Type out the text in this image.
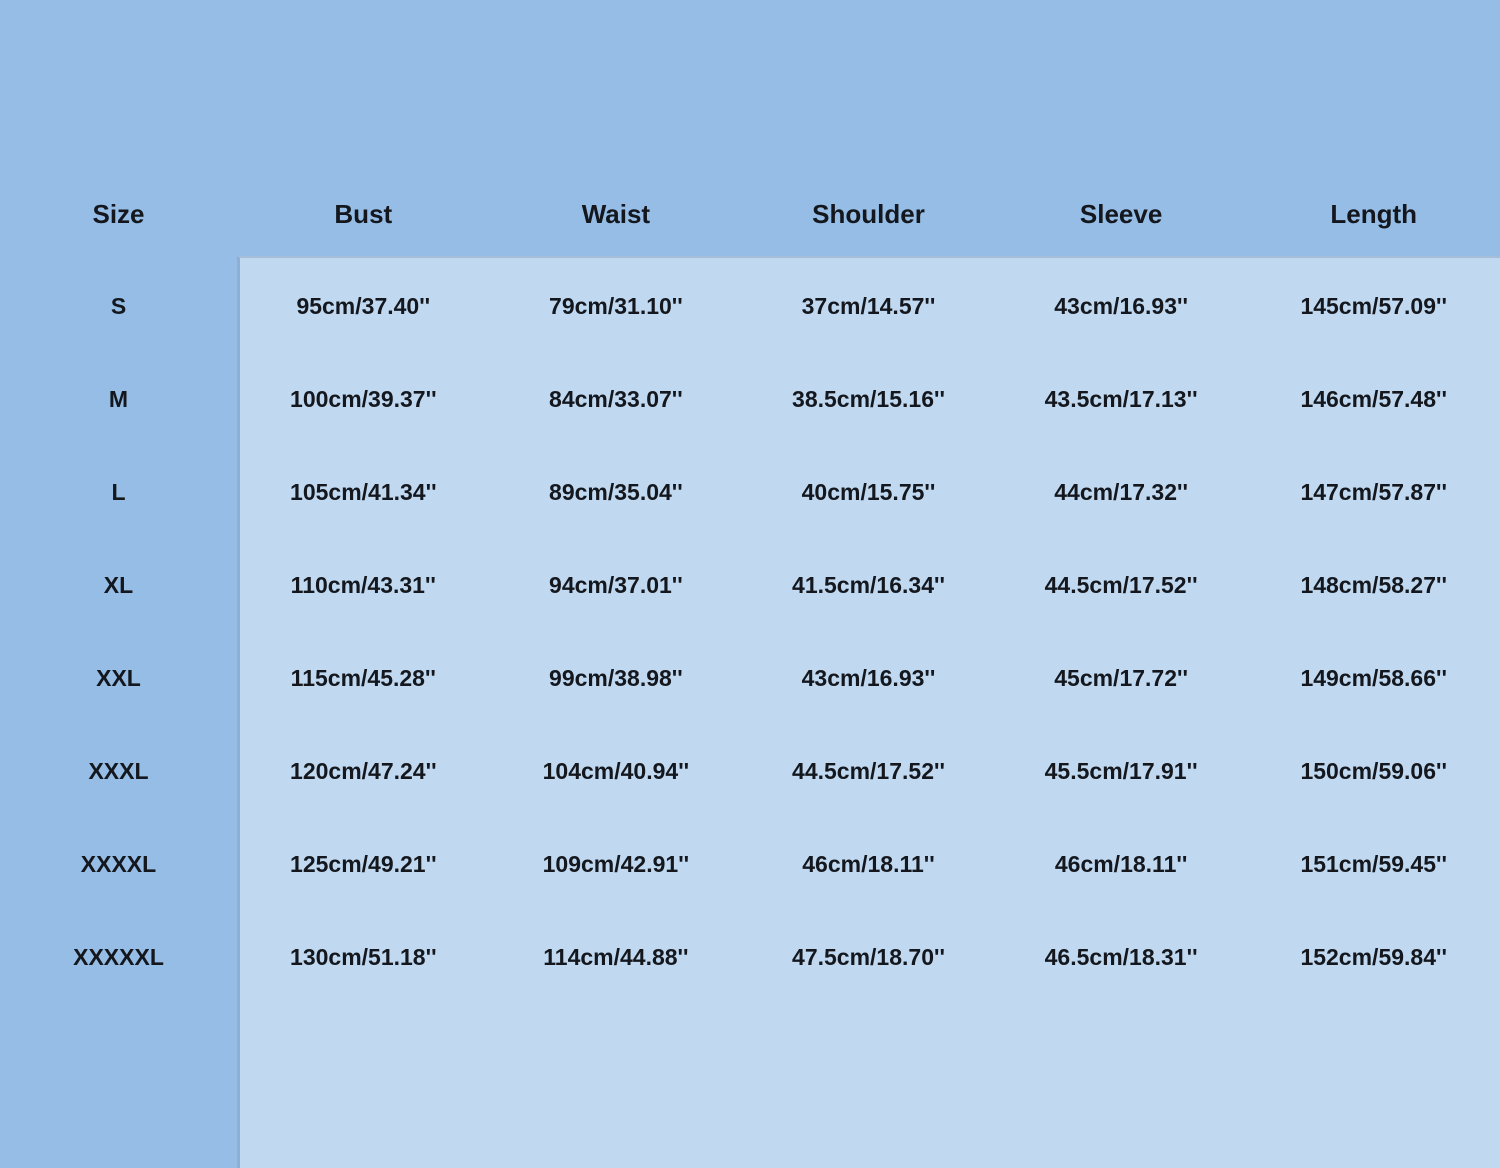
Size	Bust	Waist	Shoulder	Sleeve	Length
S	95cm/37.40''	79cm/31.10''	37cm/14.57''	43cm/16.93''	145cm/57.09''
M	100cm/39.37''	84cm/33.07''	38.5cm/15.16''	43.5cm/17.13''	146cm/57.48''
L	105cm/41.34''	89cm/35.04''	40cm/15.75''	44cm/17.32''	147cm/57.87''
XL	110cm/43.31''	94cm/37.01''	41.5cm/16.34''	44.5cm/17.52''	148cm/58.27''
XXL	115cm/45.28''	99cm/38.98''	43cm/16.93''	45cm/17.72''	149cm/58.66''
XXXL	120cm/47.24''	104cm/40.94''	44.5cm/17.52''	45.5cm/17.91''	150cm/59.06''
XXXXL	125cm/49.21''	109cm/42.91''	46cm/18.11''	46cm/18.11''	151cm/59.45''
XXXXXL	130cm/51.18''	114cm/44.88''	47.5cm/18.70''	46.5cm/18.31''	152cm/59.84''
